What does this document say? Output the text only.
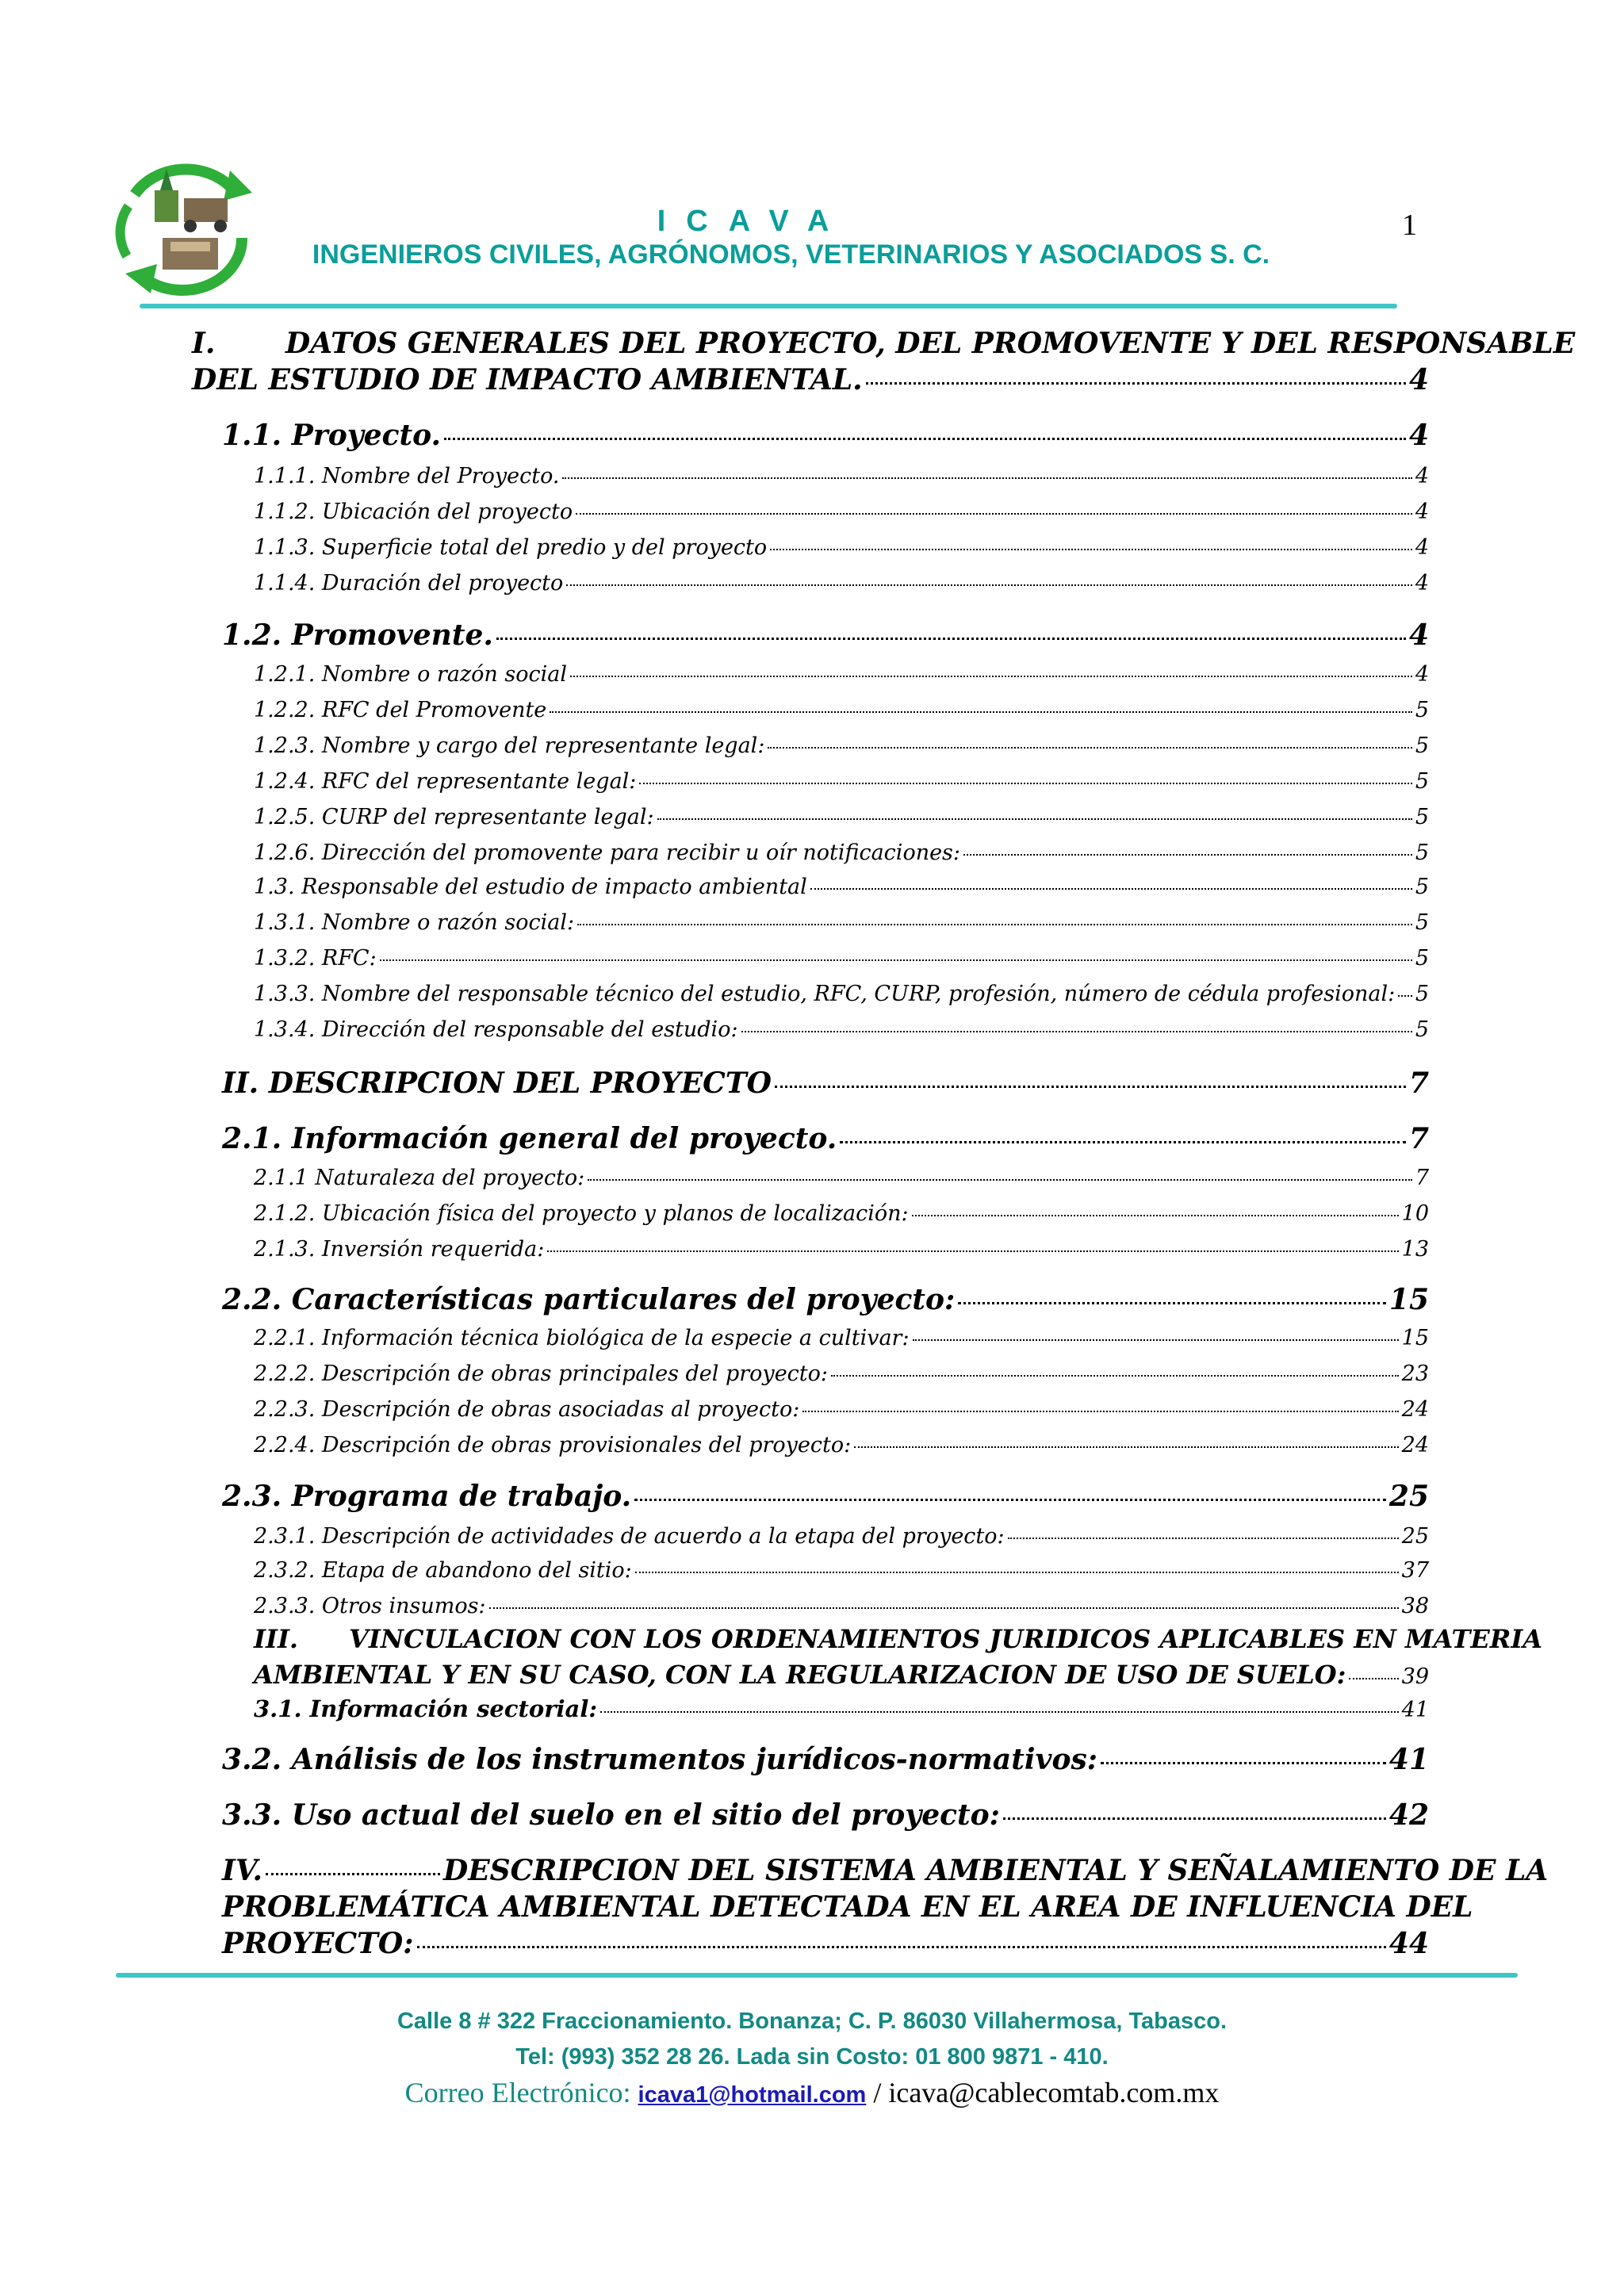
ICAVA
INGENIEROS CIVILES, AGRÓNOMOS, VETERINARIOS Y ASOCIADOS S. C.
1
I. DATOS GENERALES DEL PROYECTO, DEL PROMOVENTE Y DEL RESPONSABLE
DEL ESTUDIO DE IMPACTO AMBIENTAL.	4
1.1. Proyecto.	4
1.1.1. Nombre del Proyecto.	4
1.1.2. Ubicación del proyecto	4
1.1.3. Superficie total del predio y del proyecto	4
1.1.4. Duración del proyecto	4
1.2. Promovente.	4
1.2.1. Nombre o razón social	4
1.2.2. RFC del Promovente	5
1.2.3. Nombre y cargo del representante legal:	5
1.2.4. RFC del representante legal:	5
1.2.5. CURP del representante legal:	5
1.2.6. Dirección del promovente para recibir u oír notificaciones:	5
1.3. Responsable del estudio de impacto ambiental	5
1.3.1. Nombre o razón social:	5
1.3.2. RFC:	5
1.3.3. Nombre del responsable técnico del estudio, RFC, CURP, profesión, número de cédula profesional: 5
1.3.4. Dirección del responsable del estudio:	5
II. DESCRIPCION DEL PROYECTO	7
2.1. Información general del proyecto.	7
2.1.1 Naturaleza del proyecto:	7
2.1.2. Ubicación física del proyecto y planos de localización:	10
2.1.3. Inversión requerida:	13
2.2. Características particulares del proyecto:	15
2.2.1. Información técnica biológica de la especie a cultivar:	15
2.2.2. Descripción de obras principales del proyecto:	23
2.2.3. Descripción de obras asociadas al proyecto:	24
2.2.4. Descripción de obras provisionales del proyecto:	24
2.3. Programa de trabajo.	25
2.3.1. Descripción de actividades de acuerdo a la etapa del proyecto:	25
2.3.2. Etapa de abandono del sitio:	37
2.3.3. Otros insumos:	38
III. VINCULACION CON LOS ORDENAMIENTOS JURIDICOS APLICABLES EN MATERIA
AMBIENTAL Y EN SU CASO, CON LA REGULARIZACION DE USO DE SUELO:	39
3.1. Información sectorial:	41
3.2. Análisis de los instrumentos jurídicos-normativos:	41
3.3. Uso actual del suelo en el sitio del proyecto:	42
IV.	DESCRIPCION DEL SISTEMA AMBIENTAL Y SEÑALAMIENTO DE LA
PROBLEMÁTICA AMBIENTAL DETECTADA EN EL AREA DE INFLUENCIA DEL
PROYECTO:	44
Calle 8 # 322 Fraccionamiento. Bonanza; C. P. 86030 Villahermosa, Tabasco.
Tel: (993) 352 28 26. Lada sin Costo: 01 800 9871 - 410.
Correo Electrónico: icava1@hotmail.com / icava@cablecomtab.com.mx
